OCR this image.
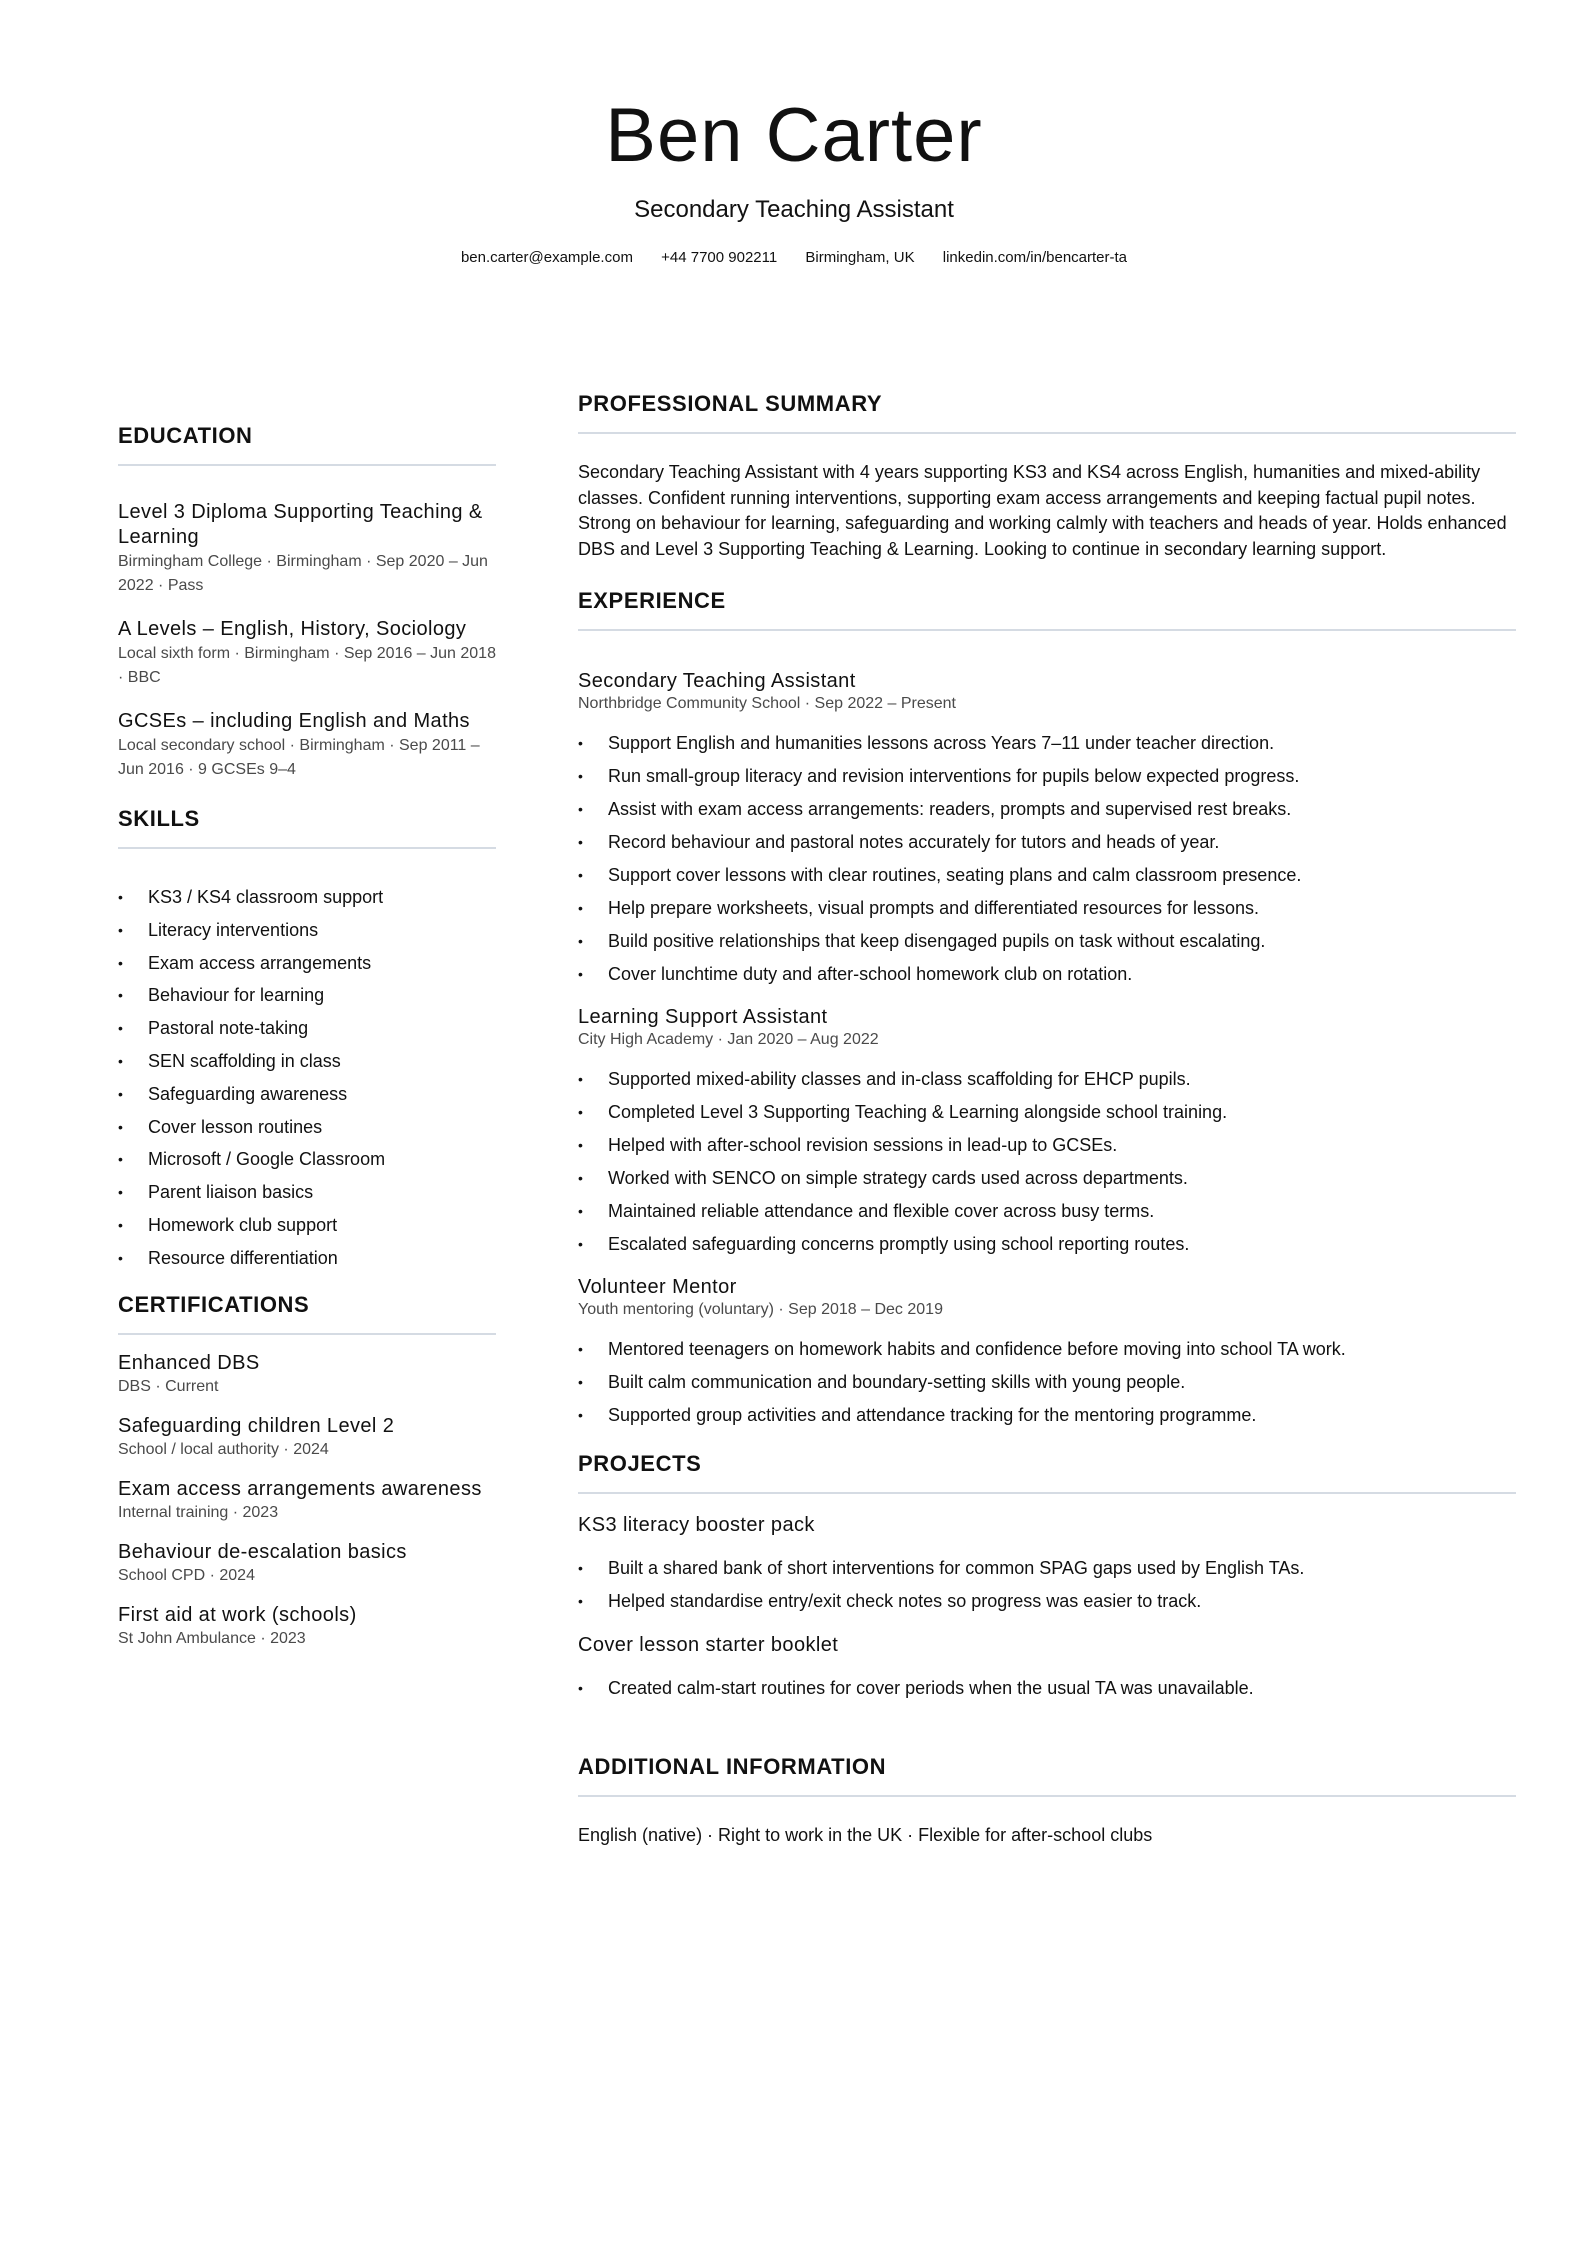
Ben Carter
Secondary Teaching Assistant
ben.carter@example.com +44 7700 902211 Birmingham, UK linkedin.com/in/bencarter-ta
EDUCATION
Level 3 Diploma Supporting Teaching & Learning
Birmingham College · Birmingham · Sep 2020 – Jun 2022 · Pass
A Levels – English, History, Sociology
Local sixth form · Birmingham · Sep 2016 – Jun 2018 · BBC
GCSEs – including English and Maths
Local secondary school · Birmingham · Sep 2011 – Jun 2016 · 9 GCSEs 9–4
SKILLS
• KS3 / KS4 classroom support
• Literacy interventions
• Exam access arrangements
• Behaviour for learning
• Pastoral note-taking
• SEN scaffolding in class
• Safeguarding awareness
• Cover lesson routines
• Microsoft / Google Classroom
• Parent liaison basics
• Homework club support
• Resource differentiation
CERTIFICATIONS
Enhanced DBS
DBS · Current
Safeguarding children Level 2
School / local authority · 2024
Exam access arrangements awareness
Internal training · 2023
Behaviour de-escalation basics
School CPD · 2024
First aid at work (schools)
St John Ambulance · 2023
PROFESSIONAL SUMMARY

Secondary Teaching Assistant with 4 years supporting KS3 and KS4 across English, humanities and mixed-ability classes. Confident running interventions, supporting exam access arrangements and keeping factual pupil notes. Strong on behaviour for learning, safeguarding and working calmly with teachers and heads of year. Holds enhanced DBS and Level 3 Supporting Teaching & Learning. Looking to continue in secondary learning support.

EXPERIENCE
Secondary Teaching Assistant
Northbridge Community School · Sep 2022 – Present
• Support English and humanities lessons across Years 7–11 under teacher direction.
• Run small-group literacy and revision interventions for pupils below expected progress.
• Assist with exam access arrangements: readers, prompts and supervised rest breaks.
• Record behaviour and pastoral notes accurately for tutors and heads of year.
• Support cover lessons with clear routines, seating plans and calm classroom presence.
• Help prepare worksheets, visual prompts and differentiated resources for lessons.
• Build positive relationships that keep disengaged pupils on task without escalating.
• Cover lunchtime duty and after-school homework club on rotation.
Learning Support Assistant
City High Academy · Jan 2020 – Aug 2022
• Supported mixed-ability classes and in-class scaffolding for EHCP pupils.
• Completed Level 3 Supporting Teaching & Learning alongside school training.
• Helped with after-school revision sessions in lead-up to GCSEs.
• Worked with SENCO on simple strategy cards used across departments.
• Maintained reliable attendance and flexible cover across busy terms.
• Escalated safeguarding concerns promptly using school reporting routes.
Volunteer Mentor
Youth mentoring (voluntary) · Sep 2018 – Dec 2019
• Mentored teenagers on homework habits and confidence before moving into school TA work.
• Built calm communication and boundary-setting skills with young people.
• Supported group activities and attendance tracking for the mentoring programme.
PROJECTS
KS3 literacy booster pack
• Built a shared bank of short interventions for common SPAG gaps used by English TAs.
• Helped standardise entry/exit check notes so progress was easier to track.
Cover lesson starter booklet
• Created calm-start routines for cover periods when the usual TA was unavailable.
ADDITIONAL INFORMATION
English (native) · Right to work in the UK · Flexible for after-school clubs
